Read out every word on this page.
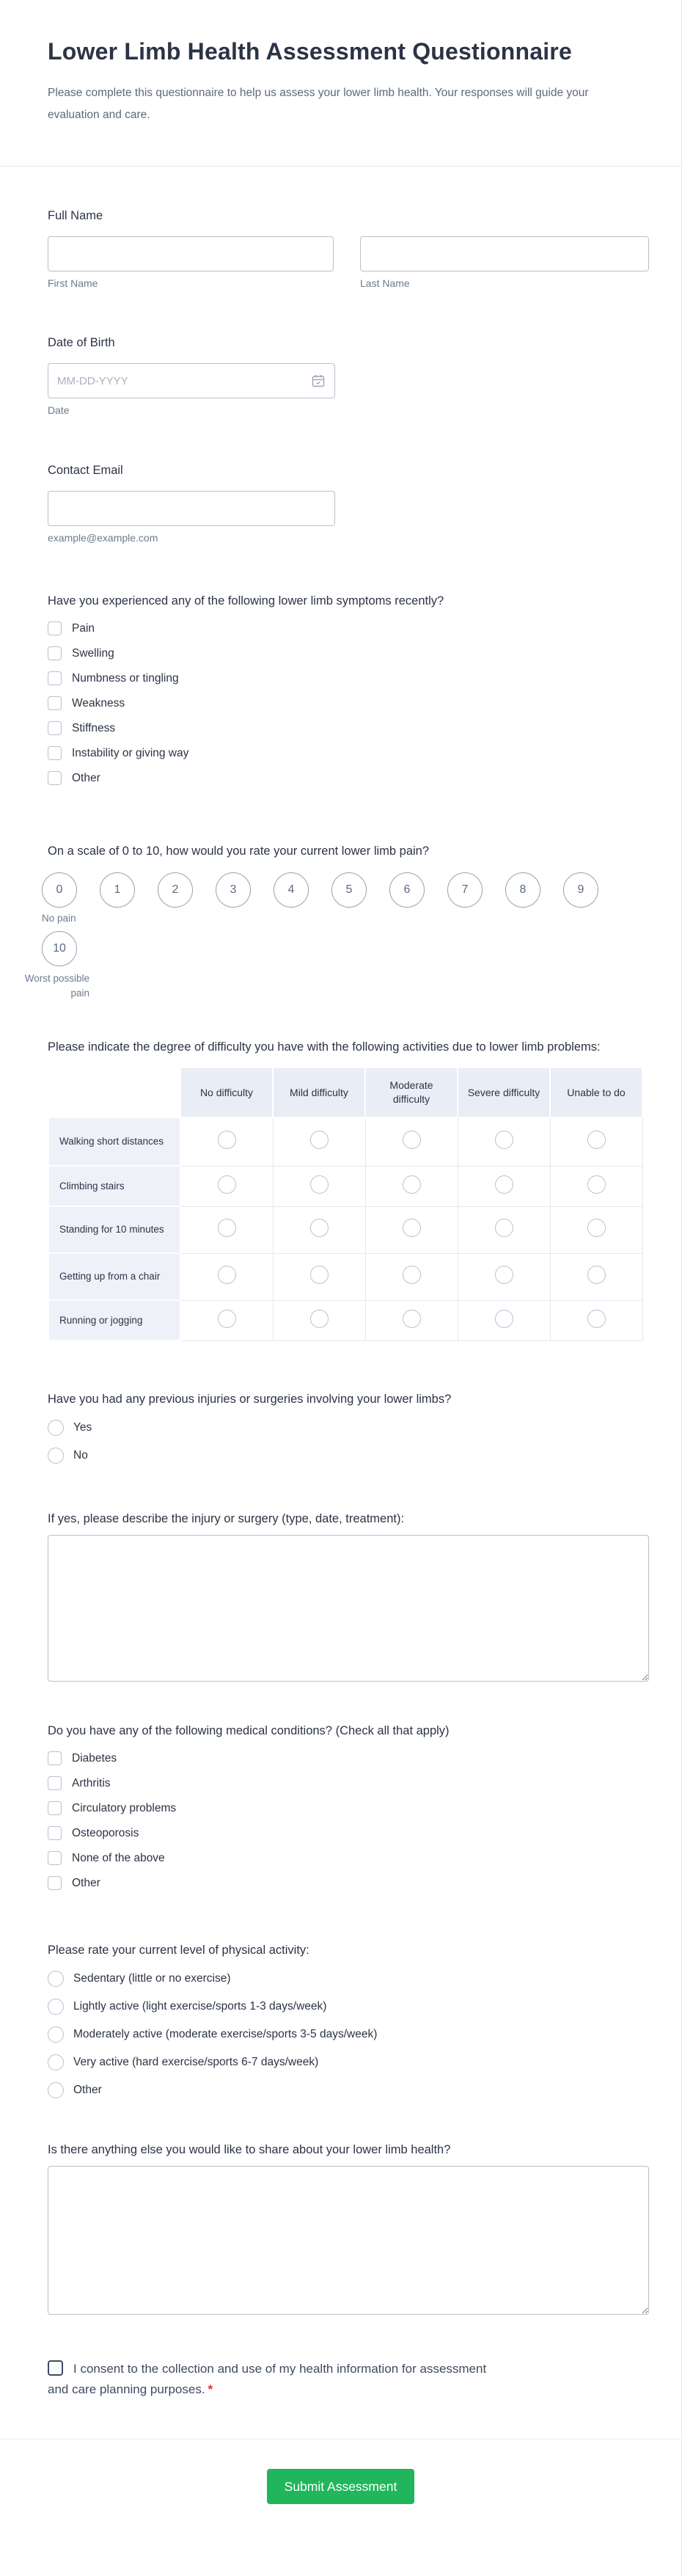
Lower Limb Health Assessment Questionnaire

Please complete this questionnaire to help us assess your lower limb health. Your responses will guide your evaluation and care.

Full Name
First Name	Last Name
Date of Birth
MM-DD-YYYY
Date
Contact Email
example@example.com
Have you experienced any of the following lower limb symptoms recently?
Pain
Swelling
Numbness or tingling
Weakness
Stiffness
Instability or giving way
Other
On a scale of 0 to 10, how would you rate your current lower limb pain?
0	1	2	3	4	5	6	7	8	9
No pain
10
Worst possible pain
Please indicate the degree of difficulty you have with the following activities due to lower limb problems:
	No difficulty	Mild difficulty	Moderate difficulty	Severe difficulty	Unable to do
Walking short distances					
Climbing stairs					
Standing for 10 minutes					
Getting up from a chair					
Running or jogging					
Have you had any previous injuries or surgeries involving your lower limbs?
Yes
No
If yes, please describe the injury or surgery (type, date, treatment):
Do you have any of the following medical conditions? (Check all that apply)
Diabetes
Arthritis
Circulatory problems
Osteoporosis
None of the above
Other
Please rate your current level of physical activity:
Sedentary (little or no exercise)
Lightly active (light exercise/sports 1-3 days/week)
Moderately active (moderate exercise/sports 3-5 days/week)
Very active (hard exercise/sports 6-7 days/week)
Other
Is there anything else you would like to share about your lower limb health?
I consent to the collection and use of my health information for assessment and care planning purposes. *
Submit Assessment
